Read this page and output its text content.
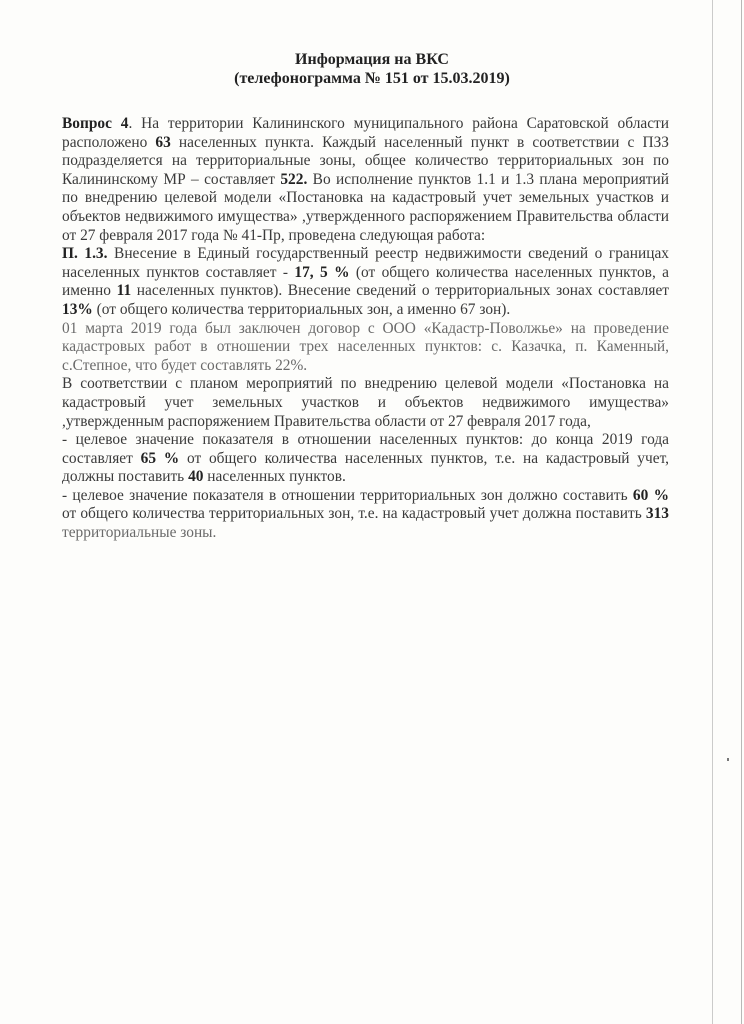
Информация на ВКС
(телефонограмма № 151 от 15.03.2019)

Вопрос 4. На территории Калининского муниципального района Саратовской области расположено 63 населенных пункта. Каждый населенный пункт в соответствии с ПЗЗ подразделяется на территориальные зоны, общее количество территориальных зон по Калининскому МР – составляет 522. Во исполнение пунктов 1.1 и 1.3 плана мероприятий по внедрению целевой модели «Постановка на кадастровый учет земельных участков и объектов недвижимого имущества» ,утвержденного распоряжением Правительства области от 27 февраля 2017 года № 41-Пр, проведена следующая работа:

П. 1.3. Внесение в Единый государственный реестр недвижимости сведений о границах населенных пунктов составляет - 17, 5 % (от общего количества населенных пунктов, а именно 11 населенных пунктов). Внесение сведений о территориальных зонах составляет 13% (от общего количества территориальных зон, а именно 67 зон).

01 марта 2019 года был заключен договор с ООО «Кадастр-Поволжье» на проведение кадастровых работ в отношении трех населенных пунктов: с. Казачка, п. Каменный, с.Степное, что будет составлять 22%.

В соответствии с планом мероприятий по внедрению целевой модели «Постановка на кадастровый учет земельных участков и объектов недвижимого имущества» ,утвержденным распоряжением Правительства области от 27 февраля 2017 года,

- целевое значение показателя в отношении населенных пунктов: до конца 2019 года составляет 65 % от общего количества населенных пунктов, т.е. на кадастровый учет, должны поставить 40 населенных пунктов.

- целевое значение показателя в отношении территориальных зон должно составить 60 % от общего количества территориальных зон, т.е. на кадастровый учет должна поставить 313 территориальные зоны.
